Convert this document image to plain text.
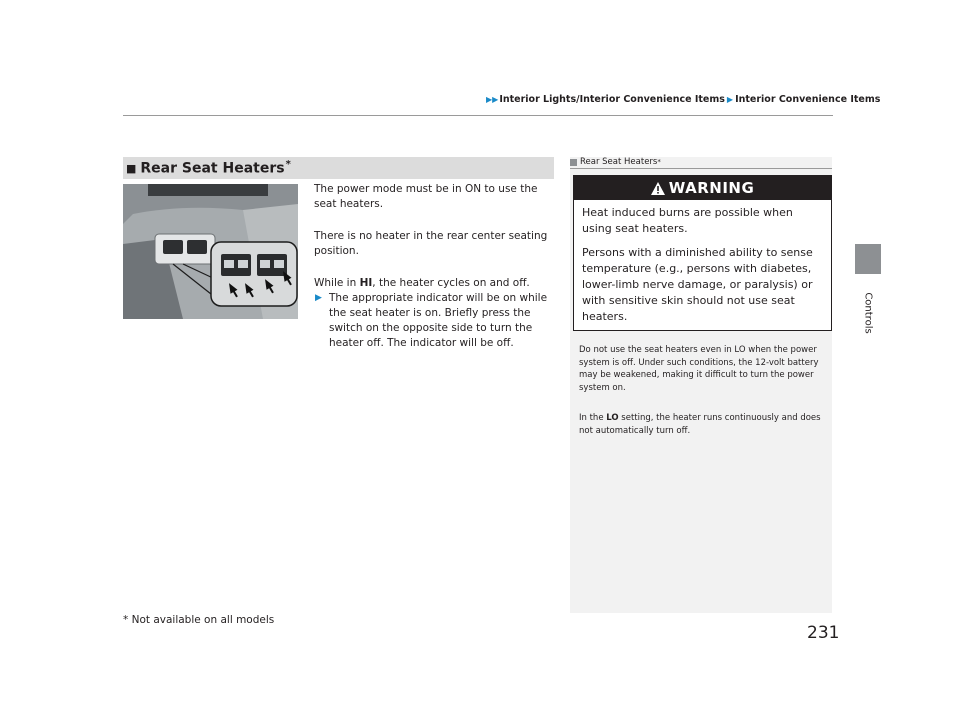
▶▶ Interior Lights/Interior Convenience Items ▶ Interior Convenience Items
Controls
■ Rear Seat Heaters*
The power mode must be in ON to use the seat heaters.
There is no heater in the rear center seating position.
While in HI, the heater cycles on and off.
▶ The appropriate indicator will be on while the seat heater is on. Briefly press the switch on the opposite side to turn the heater off. The indicator will be off.
Rear Seat Heaters *
WARNING
Heat induced burns are possible when using seat heaters.
Persons with a diminished ability to sense temperature (e.g., persons with diabetes, lower-limb nerve damage, or paralysis) or with sensitive skin should not use seat heaters.
Do not use the seat heaters even in LO when the power system is off. Under such conditions, the 12-volt battery may be weakened, making it difficult to turn the power system on.
In the LO setting, the heater runs continuously and does not automatically turn off.
* Not available on all models
231
